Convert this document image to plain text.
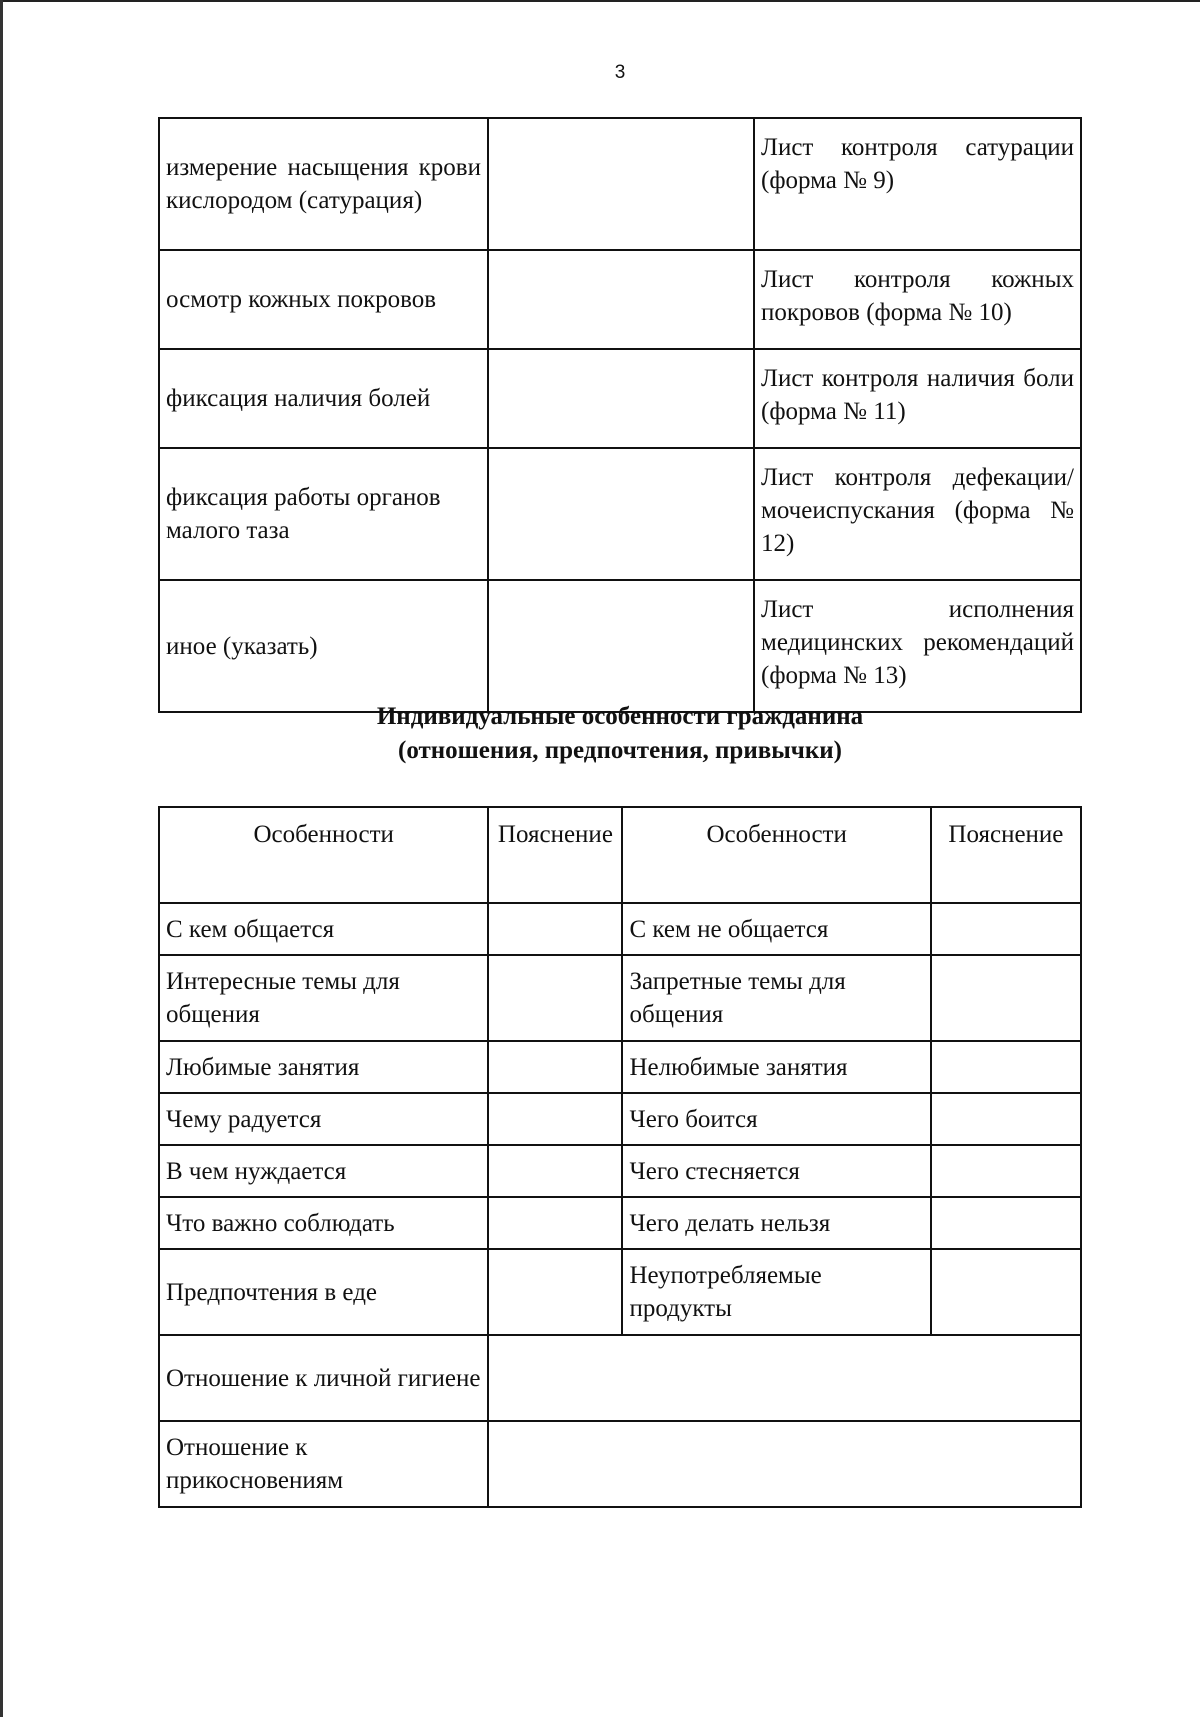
3
измерение насыщения крови кислородом (сатурация)		Лист контроля сатурации (форма № 9)
осмотр кожных покровов		Лист контроля кожных покровов (форма № 10)
фиксация наличия болей		Лист контроля наличия боли (форма № 11)
фиксация работы органов малого таза		Лист контроля дефекации/мочеиспускания (форма № 12)
иное (указать)		Лист исполнения медицинских рекомендаций (форма № 13)
Индивидуальные особенности гражданина
(отношения, предпочтения, привычки)
Особенности	Пояснение	Особенности	Пояснение
С кем общается		С кем не общается	
Интересные темы для общения		Запретные темы для общения	
Любимые занятия		Нелюбимые занятия	
Чему радуется		Чего боится	
В чем нуждается		Чего стесняется	
Что важно соблюдать		Чего делать нельзя	
Предпочтения в еде		Неупотребляемые продукты	
Отношение к личной гигиене			
Отношение к прикосновениям			
